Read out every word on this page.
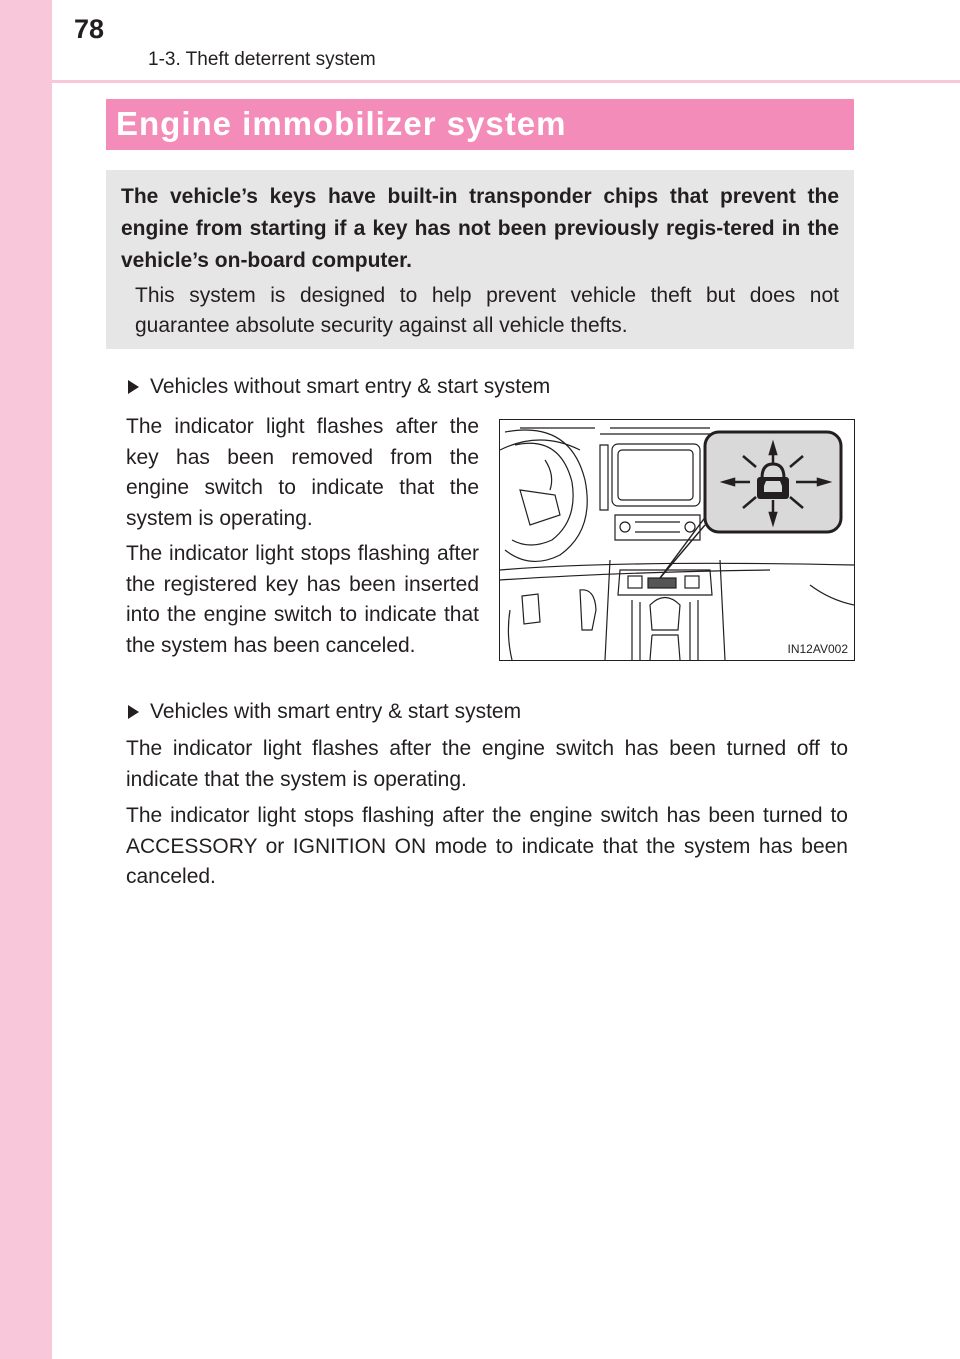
78
1-3. Theft deterrent system
Engine immobilizer system
The vehicle’s keys have built-in transponder chips that prevent the engine from starting if a key has not been previously regis-tered in the vehicle’s on-board computer.
This system is designed to help prevent vehicle theft but does not guarantee absolute security against all vehicle thefts.
Vehicles without smart entry & start system
The indicator light flashes after the key has been removed from the engine switch to indicate that the system is operating.
The indicator light stops flashing after the registered key has been inserted into the engine switch to indicate that the system has been canceled.	IN12AV002
Vehicles with smart entry & start system
The indicator light flashes after the engine switch has been turned off to indicate that the system is operating.
The indicator light stops flashing after the engine switch has been turned to ACCESSORY or IGNITION ON mode to indicate that the system has been canceled.
